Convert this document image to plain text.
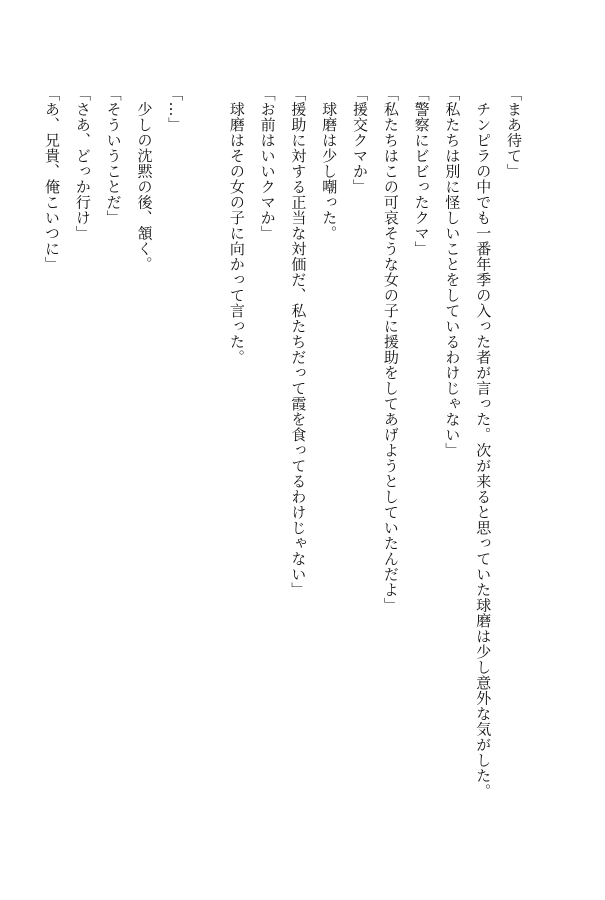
「まあ待て」
　チンピラの中でも一番年季の入った者が言った。次が来ると思っていた球磨は少し意外な気がした。
「私たちは別に怪しいことをしているわけじゃない」
「警察にビビったクマ」
「私たちはこの可哀そうな女の子に援助をしてあげようとしていたんだよ」
「援交クマか」
　球磨は少し嘲った。
「援助に対する正当な対価だ、私たちだって霞を食ってるわけじゃない」
「お前はいいクマか」
　球磨はその女の子に向かって言った。
「…」
　少しの沈黙の後、頷く。
「そういうことだ」
「さあ、どっか行け」
「あ、兄貴、俺こいつに」
